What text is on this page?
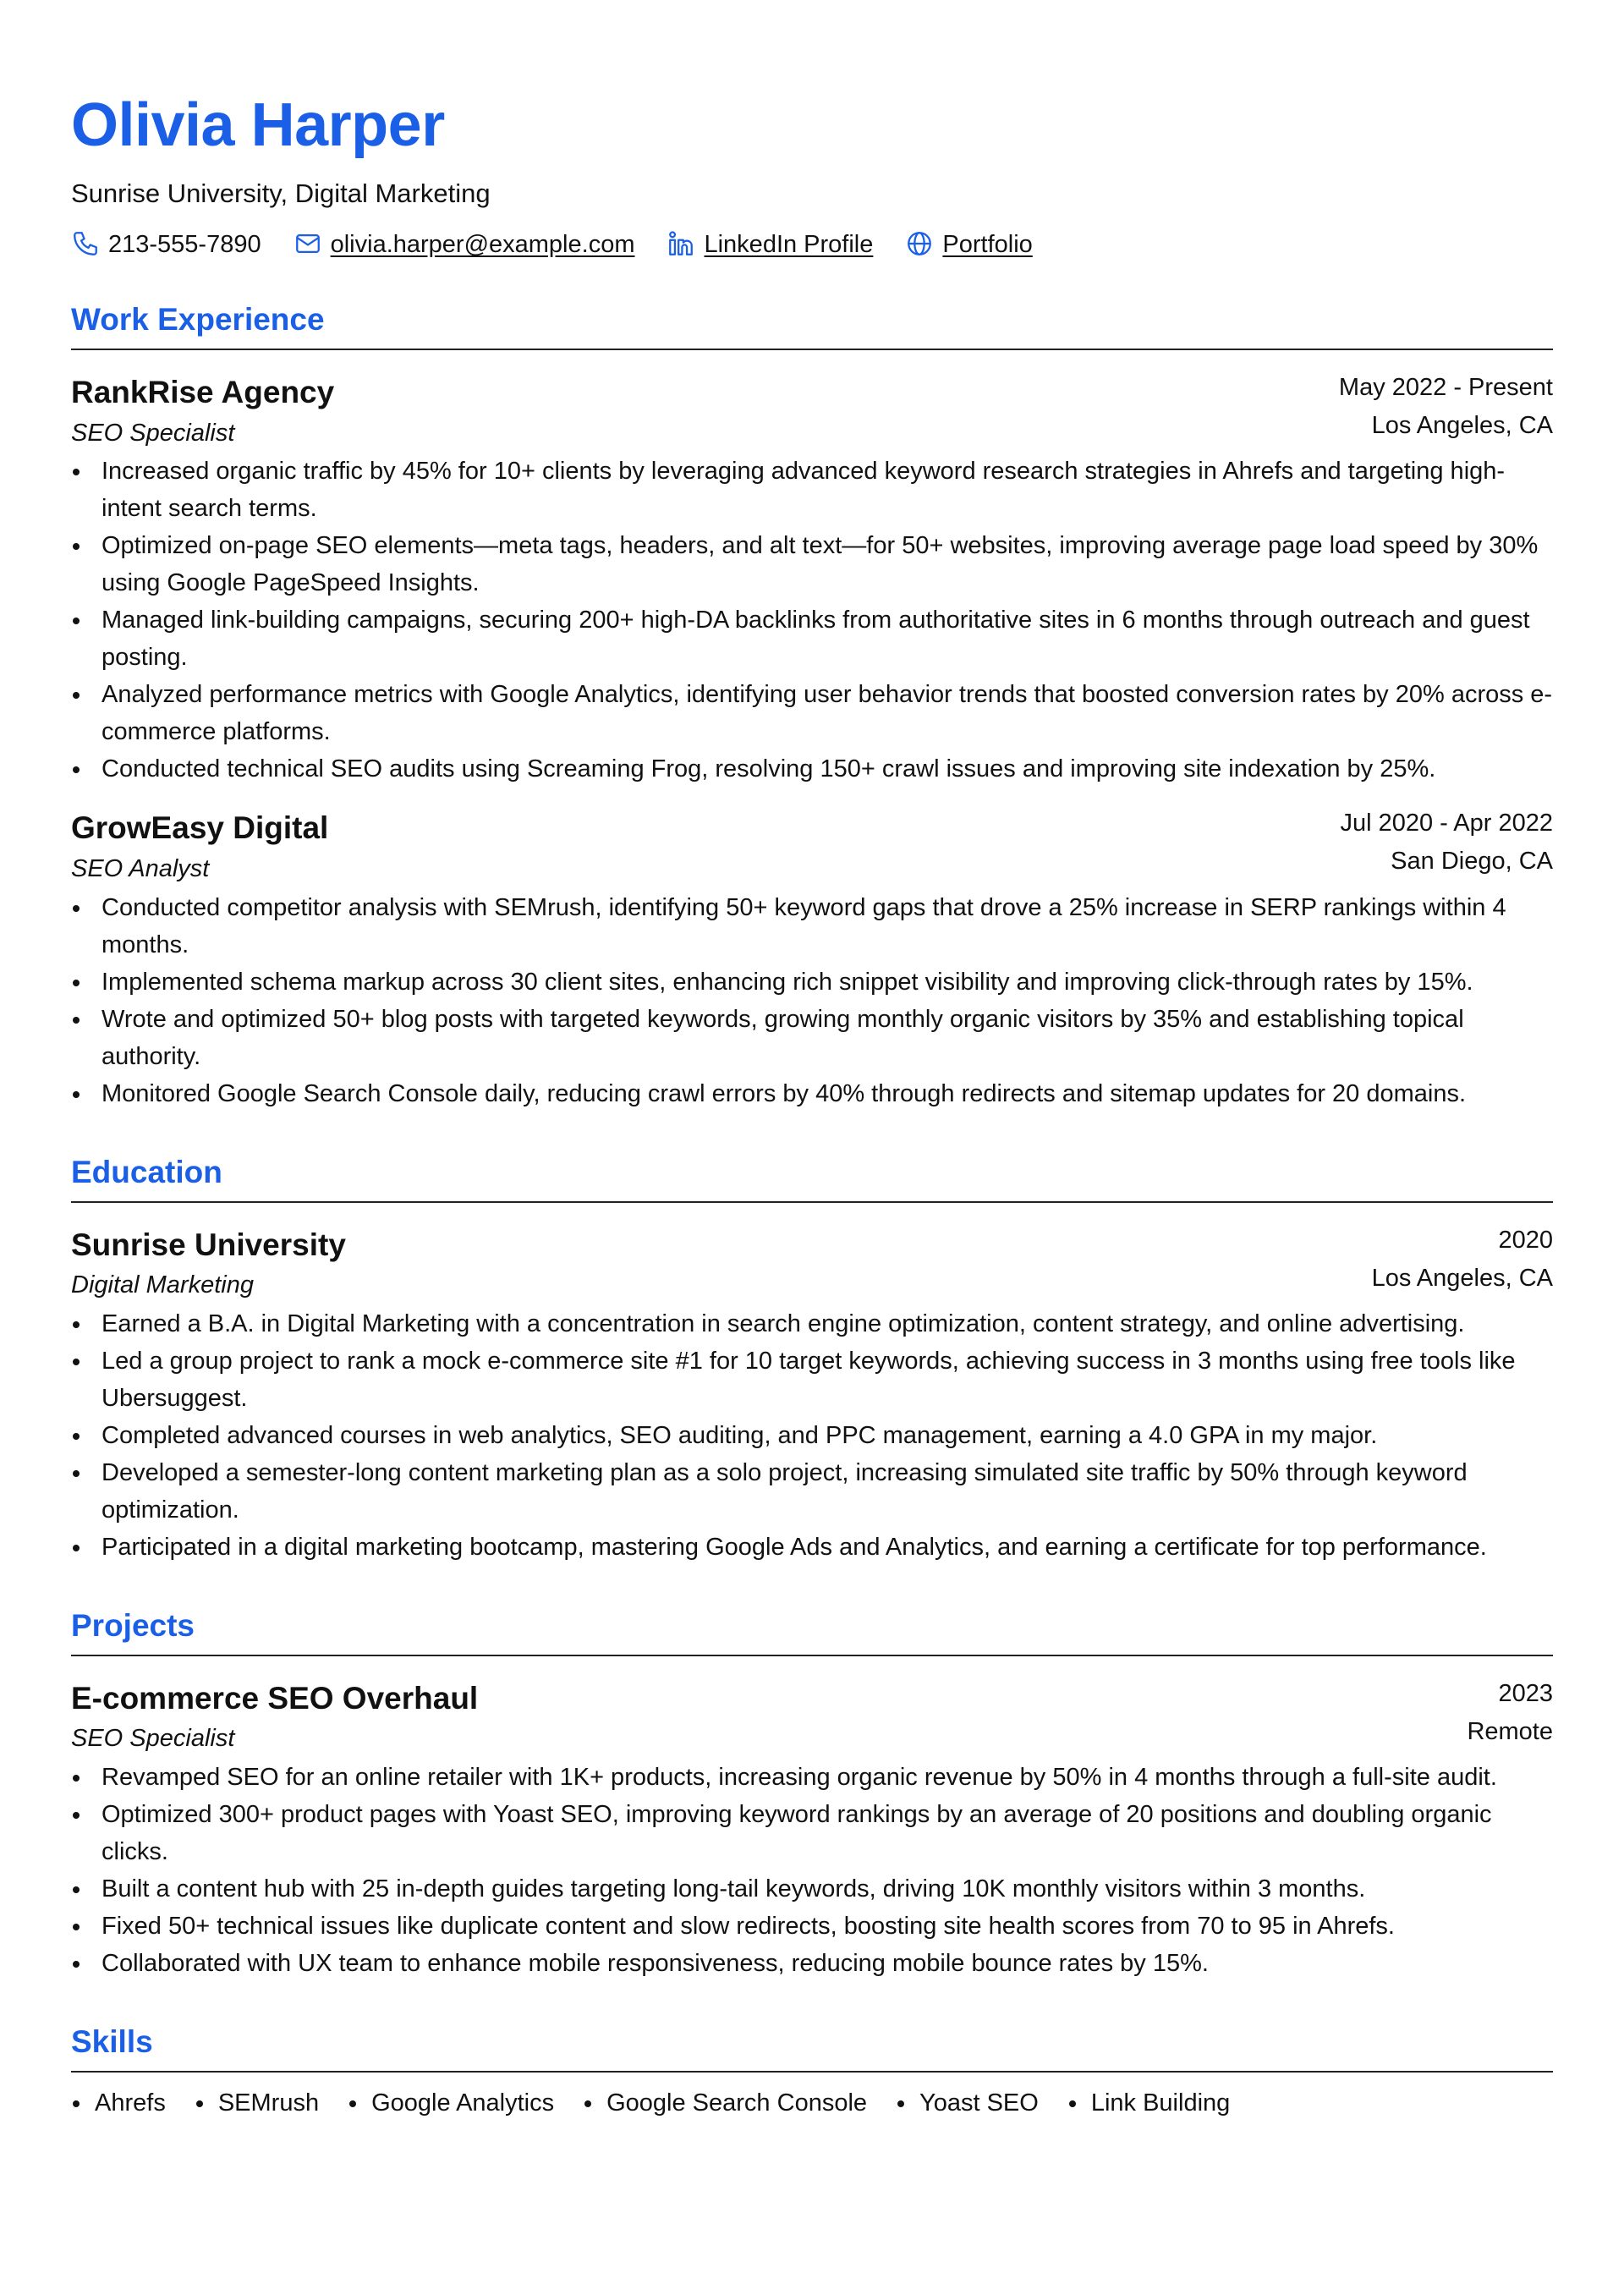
Olivia Harper
Sunrise University, Digital Marketing
213-555-7890	olivia.harper@example.com	LinkedIn Profile	Portfolio
Work Experience
RankRise Agency
SEO Specialist
May 2022 - Present
Los Angeles, CA
Increased organic traffic by 45% for 10+ clients by leveraging advanced keyword research strategies in Ahrefs and targeting high-intent search terms.
Optimized on-page SEO elements—meta tags, headers, and alt text—for 50+ websites, improving average page load speed by 30% using Google PageSpeed Insights.
Managed link-building campaigns, securing 200+ high-DA backlinks from authoritative sites in 6 months through outreach and guest posting.
Analyzed performance metrics with Google Analytics, identifying user behavior trends that boosted conversion rates by 20% across e-commerce platforms.
Conducted technical SEO audits using Screaming Frog, resolving 150+ crawl issues and improving site indexation by 25%.
GrowEasy Digital
SEO Analyst
Jul 2020 - Apr 2022
San Diego, CA
Conducted competitor analysis with SEMrush, identifying 50+ keyword gaps that drove a 25% increase in SERP rankings within 4 months.
Implemented schema markup across 30 client sites, enhancing rich snippet visibility and improving click-through rates by 15%.
Wrote and optimized 50+ blog posts with targeted keywords, growing monthly organic visitors by 35% and establishing topical authority.
Monitored Google Search Console daily, reducing crawl errors by 40% through redirects and sitemap updates for 20 domains.
Education
Sunrise University
Digital Marketing
2020
Los Angeles, CA
Earned a B.A. in Digital Marketing with a concentration in search engine optimization, content strategy, and online advertising.
Led a group project to rank a mock e-commerce site #1 for 10 target keywords, achieving success in 3 months using free tools like Ubersuggest.
Completed advanced courses in web analytics, SEO auditing, and PPC management, earning a 4.0 GPA in my major.
Developed a semester-long content marketing plan as a solo project, increasing simulated site traffic by 50% through keyword optimization.
Participated in a digital marketing bootcamp, mastering Google Ads and Analytics, and earning a certificate for top performance.
Projects
E-commerce SEO Overhaul
SEO Specialist
2023
Remote
Revamped SEO for an online retailer with 1K+ products, increasing organic revenue by 50% in 4 months through a full-site audit.
Optimized 300+ product pages with Yoast SEO, improving keyword rankings by an average of 20 positions and doubling organic clicks.
Built a content hub with 25 in-depth guides targeting long-tail keywords, driving 10K monthly visitors within 3 months.
Fixed 50+ technical issues like duplicate content and slow redirects, boosting site health scores from 70 to 95 in Ahrefs.
Collaborated with UX team to enhance mobile responsiveness, reducing mobile bounce rates by 15%.
Skills
Ahrefs	SEMrush	Google Analytics	Google Search Console	Yoast SEO	Link Building
